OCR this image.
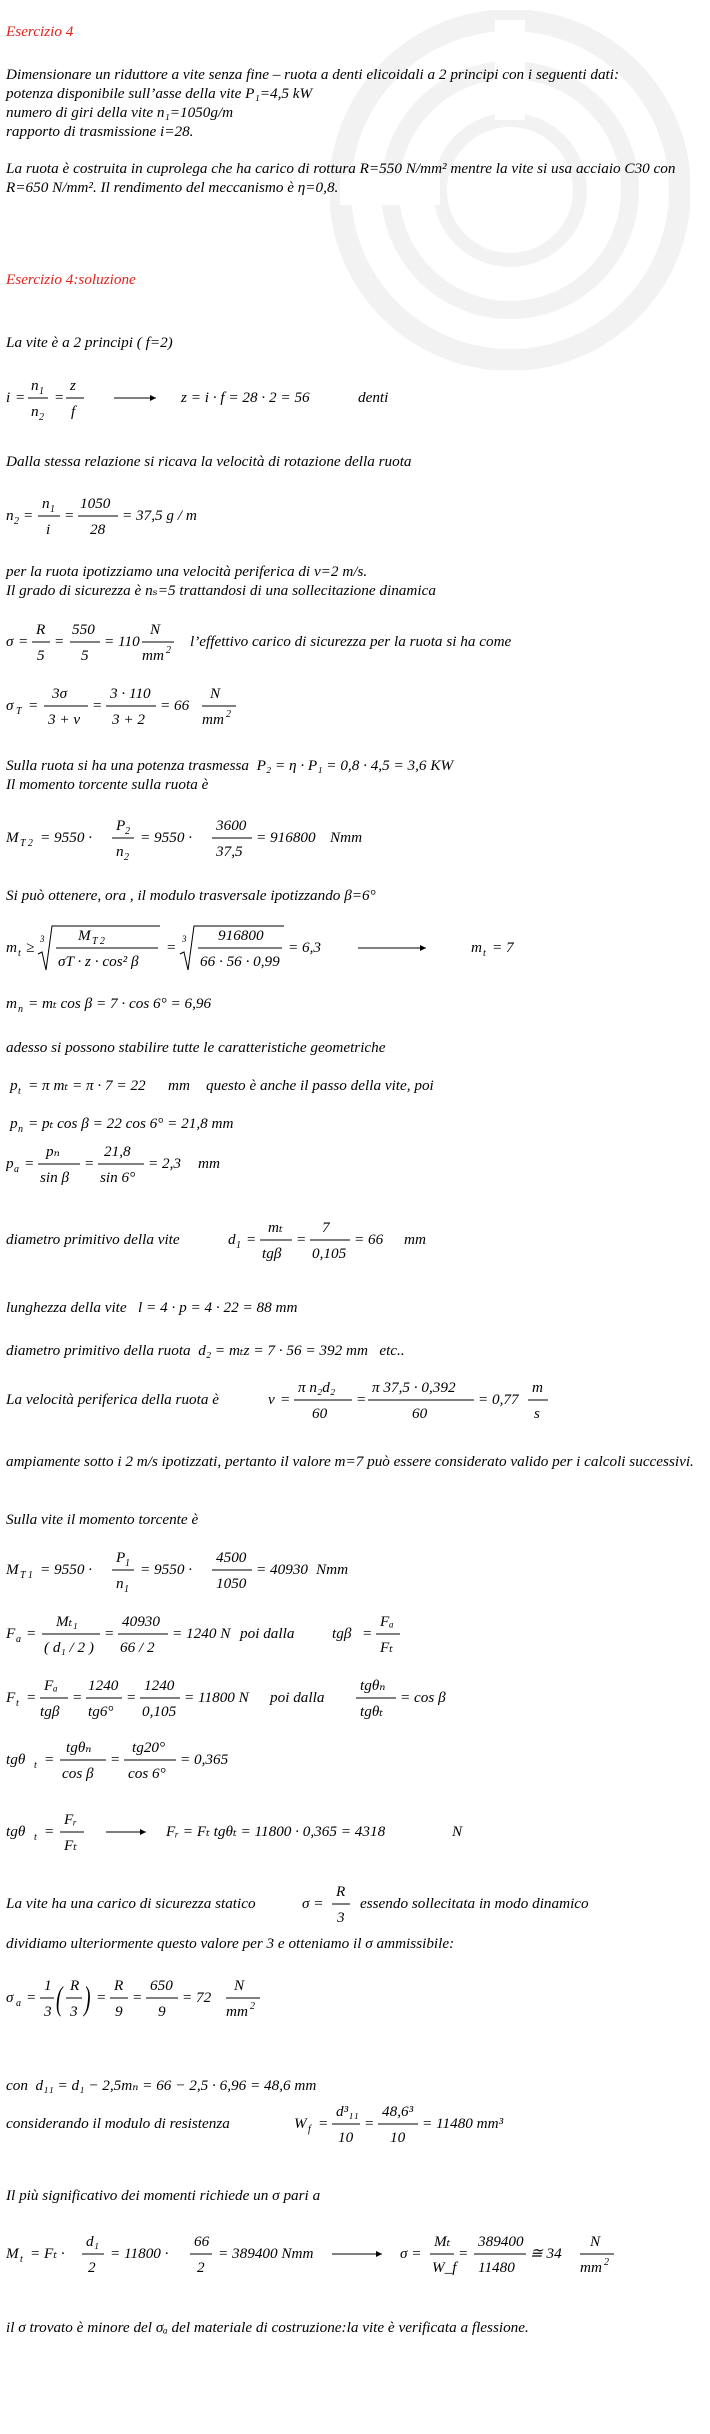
Esercizio 4
Dimensionare un riduttore a vite senza fine – ruota a denti elicoidali a 2 principi con i seguenti dati:
potenza disponibile sull’asse della vite P₁=4,5 kW
numero di giri della vite n₁=1050g/m
rapporto di trasmissione i=28.
La ruota è costruita in cuprolega che ha carico di rottura R=550 N/mm² mentre la vite si usa acciaio C30 con R=650 N/mm². Il rendimento del meccanismo è η=0,8.
Esercizio 4:soluzione
La vite è a 2 principi ( f=2)
i =
n 1
n 2
=
z
f
z = i · f = 28 · 2 = 56	denti
Dalla stessa relazione si ricava la velocità di rotazione della ruota
n 2 =
n 1
i
=
1050
28
= 37,5 g / m
per la ruota ipotizziamo una velocità periferica di v=2 m/s.
Il grado di sicurezza è nₛ=5 trattandosi di una sollecitazione dinamica
σ =
R
5
=
550
5
= 110
N
mm 2
l’effettivo carico di sicurezza per la ruota si ha come
σ T =
3σ
3 + v
=
3 · 110
3 + 2
= 66
N
mm 2
Sulla ruota si ha una potenza trasmessa P₂ = η · P₁ = 0,8 · 4,5 = 3,6 KW
Il momento torcente sulla ruota è
M T 2 = 9550 ·
P 2
n 2
= 9550 ·
3600
37,5
= 916800 Nmm
Si può ottenere, ora , il modulo trasversale ipotizzando β=6°
m t ≥ 3 M T 2
σT · z · cos² β
= 3 916800
66 · 56 · 0,99
= 6,3	m t = 7
m n = mₜ cos β = 7 · cos 6° = 6,96
adesso si possono stabilire tutte le caratteristiche geometriche
p t = π mₜ = π · 7 = 22 mm questo è anche il passo della vite, poi
p n = pₜ cos β = 22 cos 6° = 21,8 mm
p a =
pₙ
sin β
=
21,8
sin 6°
= 2,3 mm
diametro primitivo della vite	d 1 =
mₜ
tgβ
=
7
0,105
= 66 mm
lunghezza della vite l = 4 · p = 4 · 22 = 88 mm
diametro primitivo della ruota d₂ = mₜz = 7 · 56 = 392 mm etc..
La velocità periferica della ruota è	v =
π n₂d₂
60
=
π 37,5 · 0,392
60
= 0,77
m
s
ampiamente sotto i 2 m/s ipotizzati, pertanto il valore m=7 può essere considerato valido per i calcoli successivi.
Sulla vite il momento torcente è
M T 1 = 9550 ·
P 1
n 1
= 9550 ·
4500
1050
= 40930 Nmm
F a =
Mₜ₁
( d₁ / 2 )
=
40930
66 / 2
= 1240 N poi dalla tgβ =
Fₐ
Fₜ
F t =
Fₐ
tgβ
=
1240
tg6°
=
1240
0,105
= 11800 N poi dalla
tgθₙ
tgθₜ
= cos β
tgθ t =
tgθₙ
cos β
=
tg20°
cos 6°
= 0,365
tgθ t =
Fᵣ
Fₜ
Fᵣ = Fₜ tgθₜ = 11800 · 0,365 = 4318	N
La vite ha una carico di sicurezza statico	σ =
R
3
essendo sollecitata in modo dinamico
dividiamo ulteriormente questo valore per 3 e otteniamo il σ ammissibile:
σ a =
1
3 ( R
3 ) =
R
9
=
650
9
= 72
N
mm 2
con d₁₁ = d₁ − 2,5mₙ = 66 − 2,5 · 6,96 = 48,6 mm
considerando il modulo di resistenza	W f =
d³₁₁
10
=
48,6³
10
= 11480 mm³
Il più significativo dei momenti richiede un σ pari a
M t = Fₜ ·
d₁
2
= 11800 ·
66
2
= 389400 Nmm	σ =
Mₜ
W_f
=
389400
11480
≅ 34
N
mm 2
il σ trovato è minore del σₐ del materiale di costruzione:la vite è verificata a flessione.
